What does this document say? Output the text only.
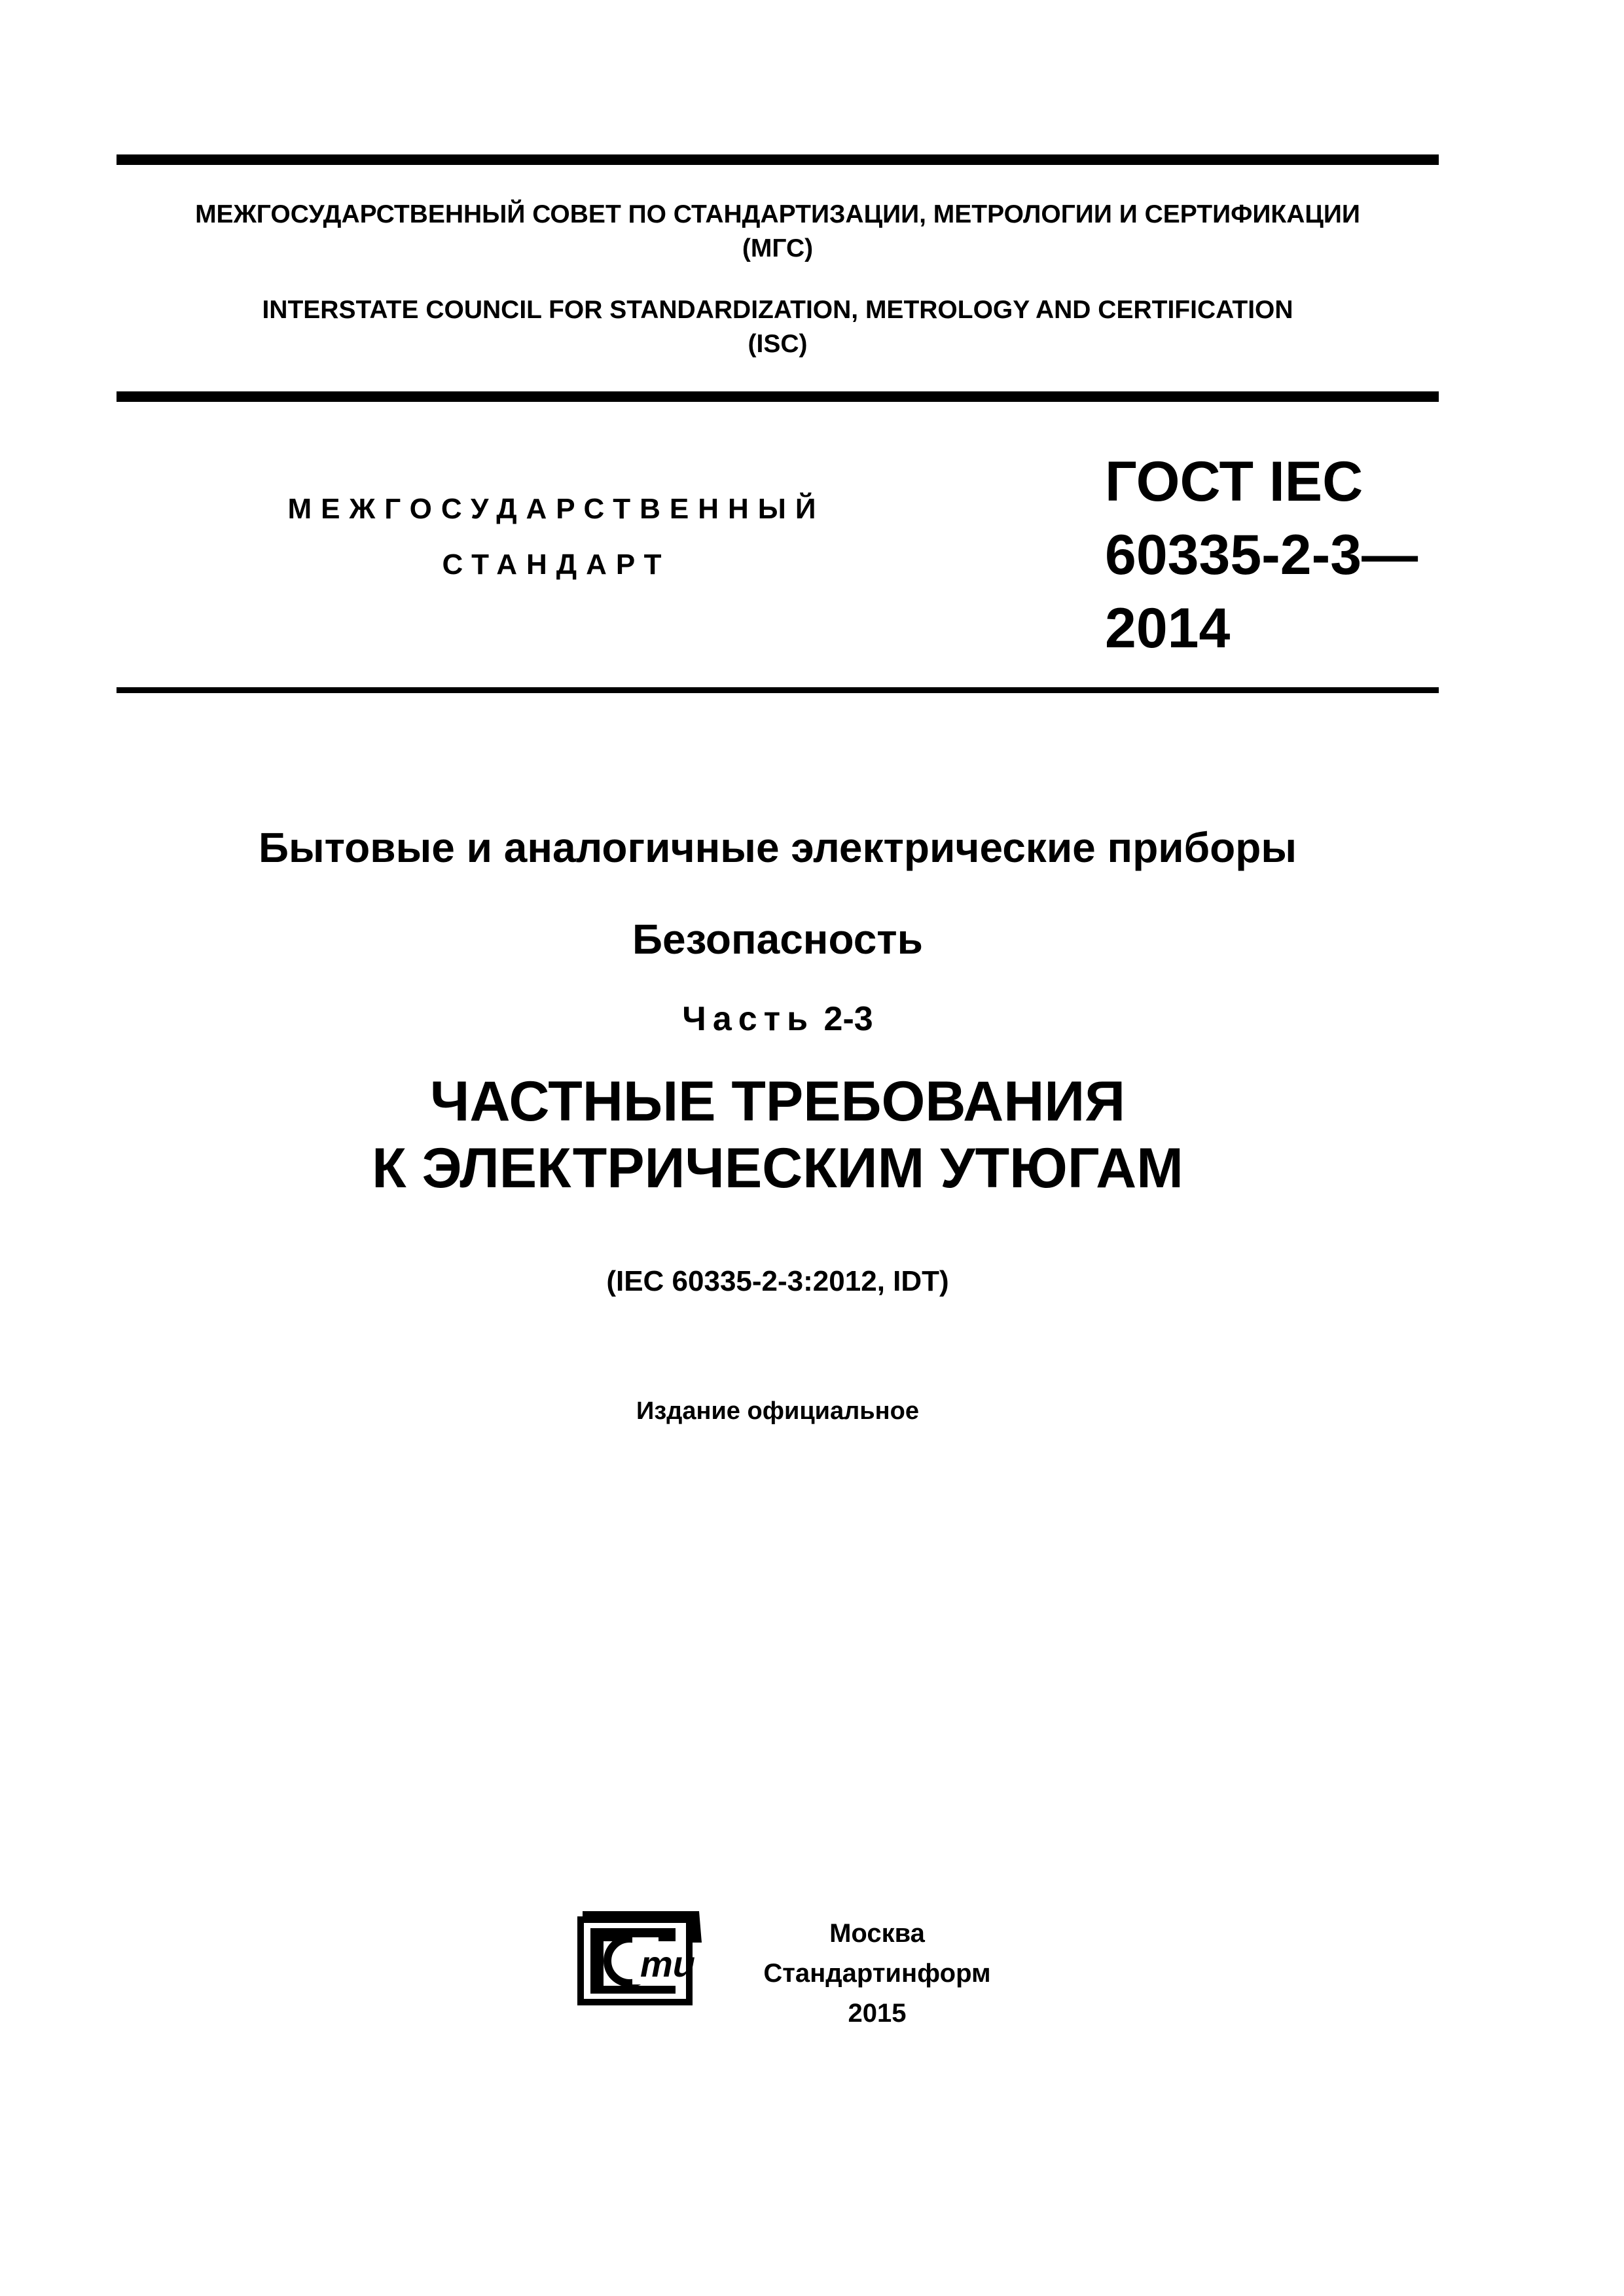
МЕЖГОСУДАРСТВЕННЫЙ СОВЕТ ПО СТАНДАРТИЗАЦИИ, МЕТРОЛОГИИ И СЕРТИФИКАЦИИ
(МГС)
INTERSTATE COUNCIL FOR STANDARDIZATION, METROLOGY AND CERTIFICATION
(ISC)
МЕЖГОСУДАРСТВЕННЫЙ
СТАНДАРТ
ГОСТ IEC
60335-2-3—
2014
Бытовые и аналогичные электрические приборы
Безопасность
Часть 2-3
ЧАСТНЫЕ ТРЕБОВАНИЯ
К ЭЛЕКТРИЧЕСКИМ УТЮГАМ
(IEC 60335-2-3:2012, IDT)
Издание официальное
ти
Москва
Стандартинформ
2015
